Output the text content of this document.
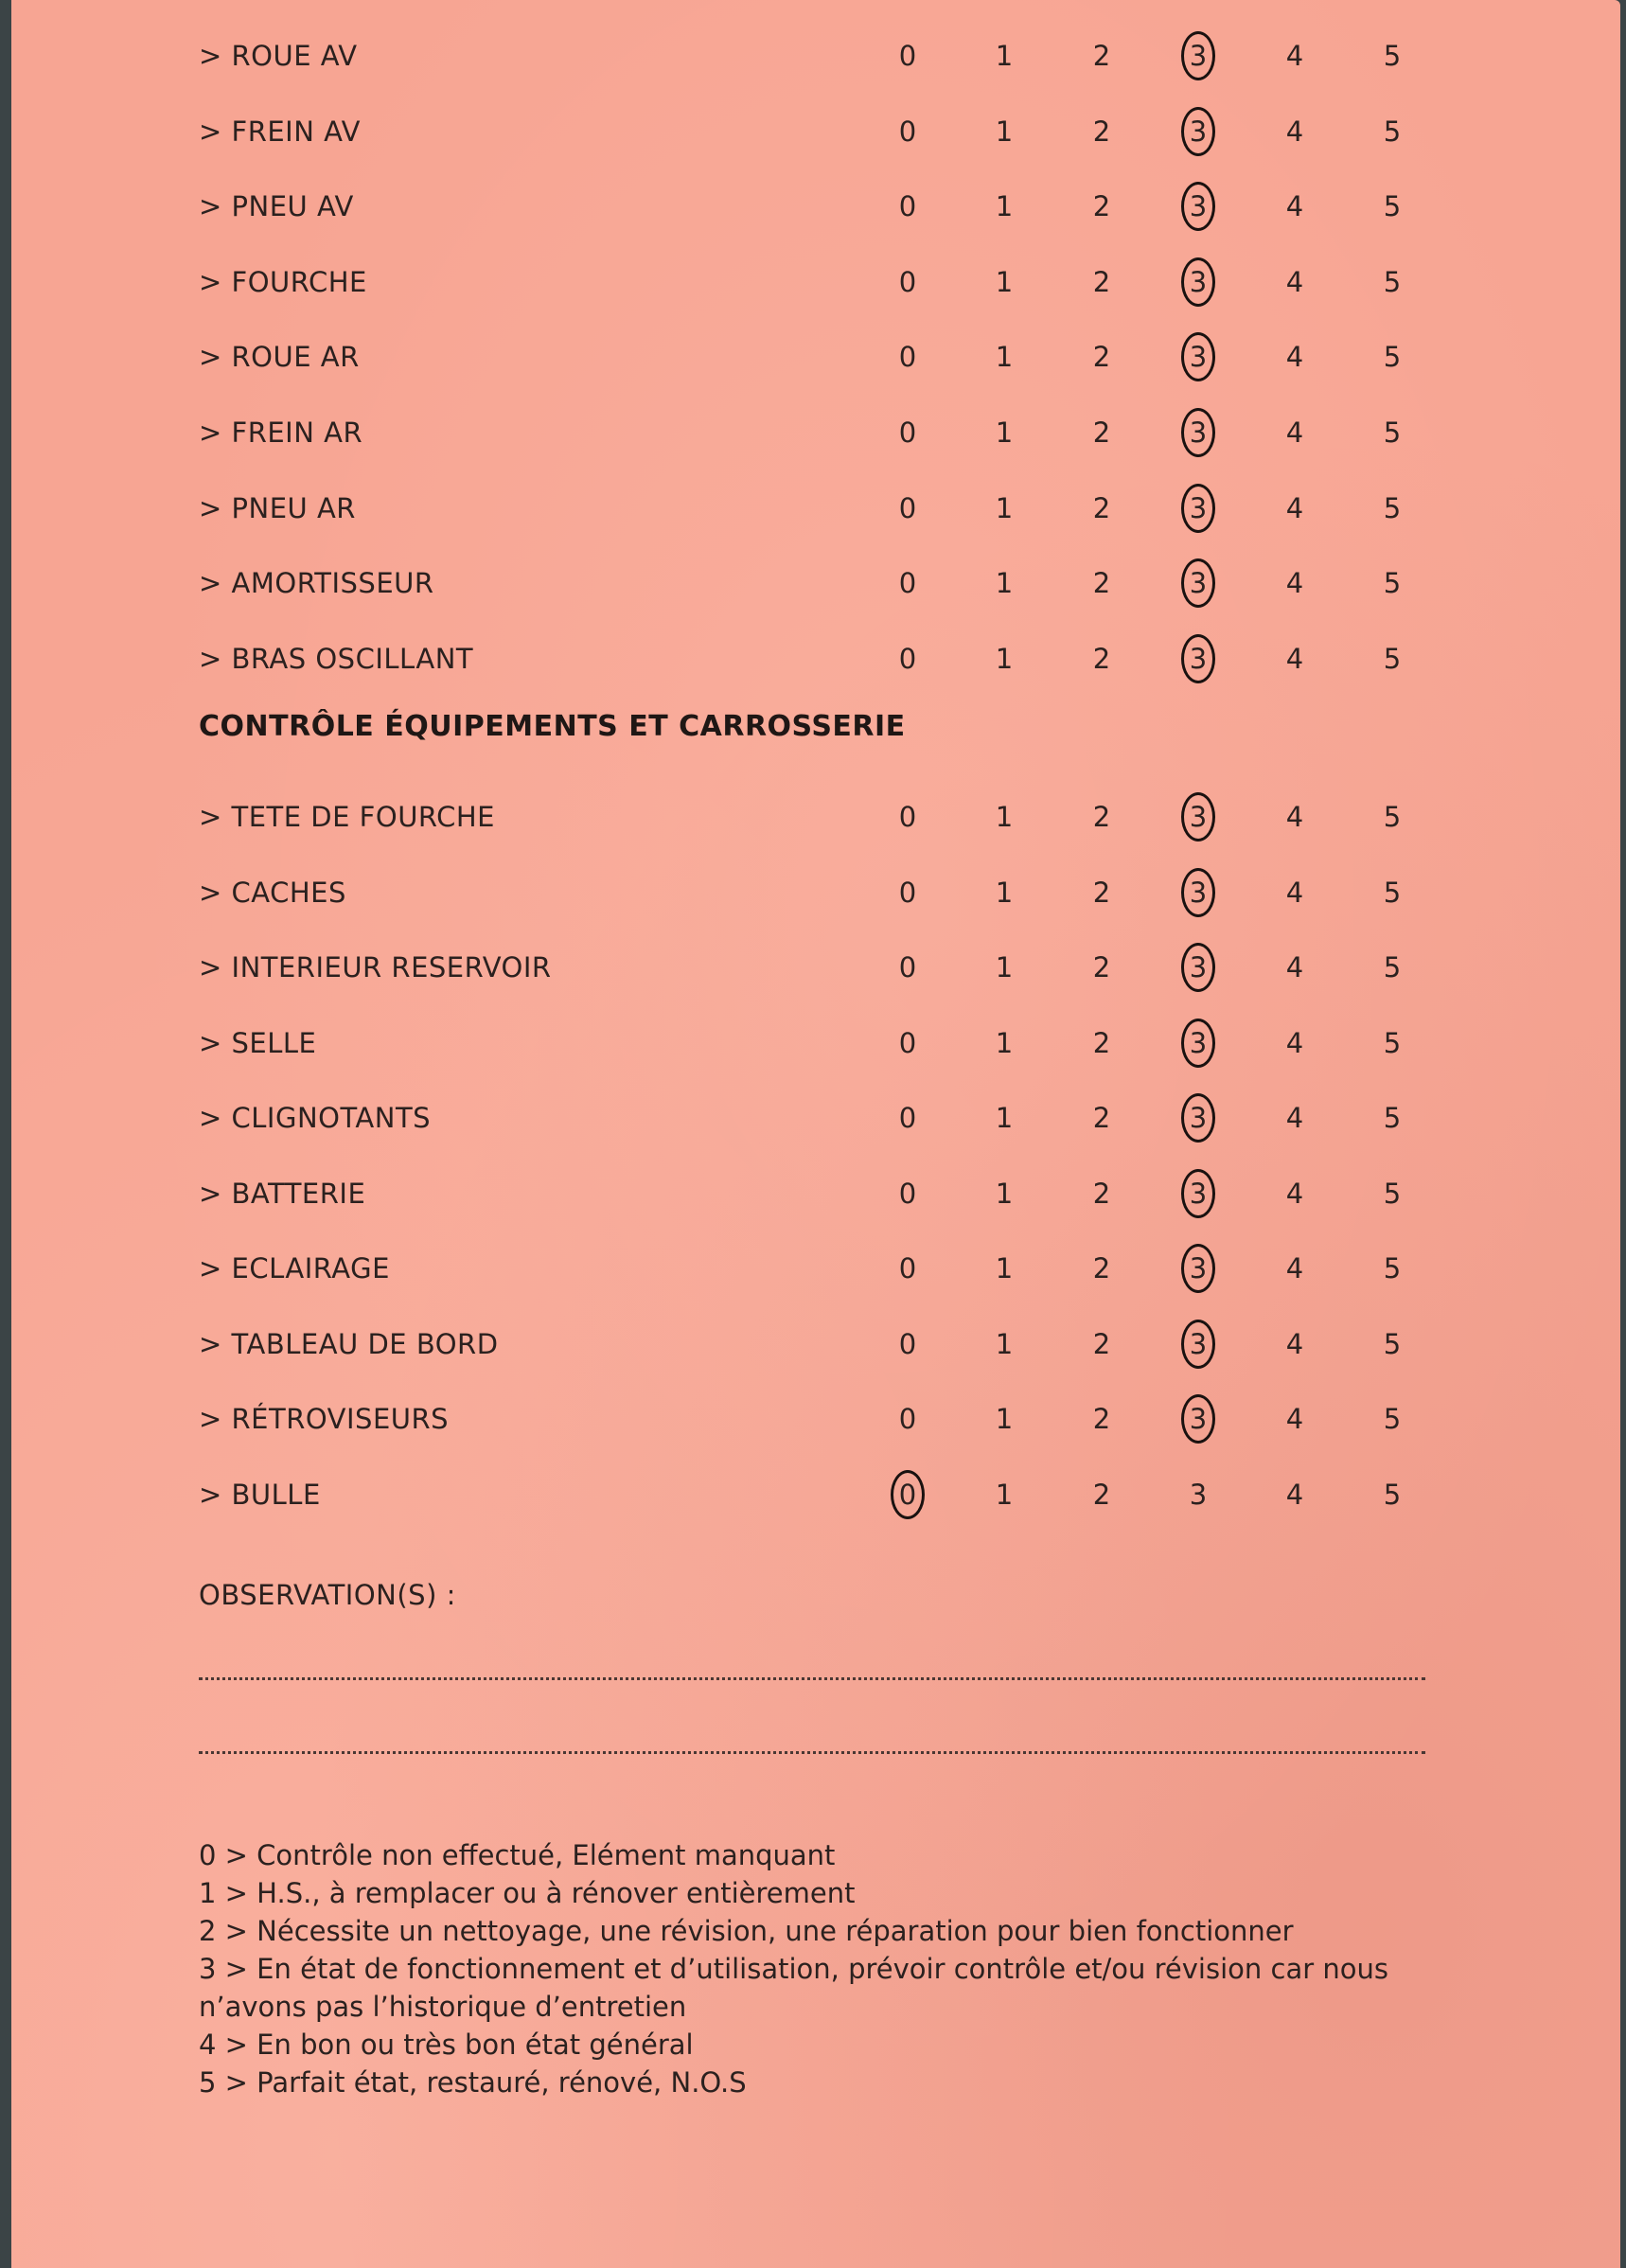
> ROUE AV	0	1	2	3	4	5
> FREIN AV	0	1	2	3	4	5
> PNEU AV	0	1	2	3	4	5
> FOURCHE	0	1	2	3	4	5
> ROUE AR	0	1	2	3	4	5
> FREIN AR	0	1	2	3	4	5
> PNEU AR	0	1	2	3	4	5
> AMORTISSEUR	0	1	2	3	4	5
> BRAS OSCILLANT	0	1	2	3	4	5
CONTRÔLE ÉQUIPEMENTS ET CARROSSERIE
> TETE DE FOURCHE	0	1	2	3	4	5
> CACHES	0	1	2	3	4	5
> INTERIEUR RESERVOIR	0	1	2	3	4	5
> SELLE	0	1	2	3	4	5
> CLIGNOTANTS	0	1	2	3	4	5
> BATTERIE	0	1	2	3	4	5
> ECLAIRAGE	0	1	2	3	4	5
> TABLEAU DE BORD	0	1	2	3	4	5
> RÉTROVISEURS	0	1	2	3	4	5
> BULLE	0	1	2	3	4	5
OBSERVATION(S) :
0 > Contrôle non effectué, Elément manquant
1 > H.S., à remplacer ou à rénover entièrement
2 > Nécessite un nettoyage, une révision, une réparation pour bien fonctionner
3 > En état de fonctionnement et d’utilisation, prévoir contrôle et/ou révision car nous
n’avons pas l’historique d’entretien
4 > En bon ou très bon état général
5 > Parfait état, restauré, rénové, N.O.S
